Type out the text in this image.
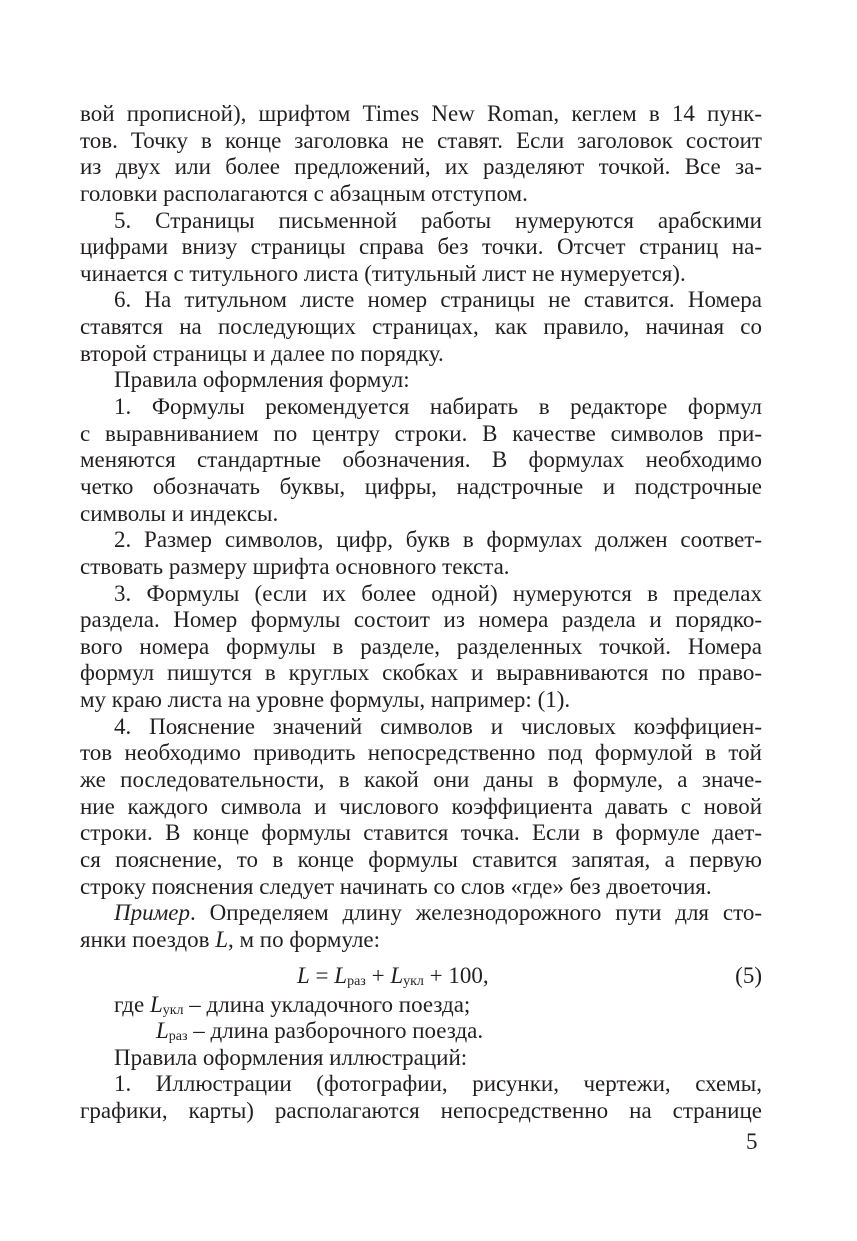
вой прописной), шрифтом Times New Roman, кеглем в 14 пунк-
тов. Точку в конце заголовка не ставят. Если заголовок состоит
из двух или более предложений, их разделяют точкой. Все за-
головки располагаются с абзацным отступом.
5. Страницы письменной работы нумеруются арабскими
цифрами внизу страницы справа без точки. Отсчет страниц на-
чинается с титульного листа (титульный лист не нумеруется).
6. На титульном листе номер страницы не ставится. Номера
ставятся на последующих страницах, как правило, начиная со
второй страницы и далее по порядку.
Правила оформления формул:
1. Формулы рекомендуется набирать в редакторе формул
с выравниванием по центру строки. В качестве символов при-
меняются стандартные обозначения. В формулах необходимо
четко обозначать буквы, цифры, надстрочные и подстрочные
символы и индексы.
2. Размер символов, цифр, букв в формулах должен соответ-
ствовать размеру шрифта основного текста.
3. Формулы (если их более одной) нумеруются в пределах
раздела. Номер формулы состоит из номера раздела и порядко-
вого номера формулы в разделе, разделенных точкой. Номера
формул пишутся в круглых скобках и выравниваются по право-
му краю листа на уровне формулы, например: (1).
4. Пояснение значений символов и числовых коэффициен-
тов необходимо приводить непосредственно под формулой в той
же последовательности, в какой они даны в формуле, а значе-
ние каждого символа и числового коэффициента давать с новой
строки. В конце формулы ставится точка. Если в формуле дает-
ся пояснение, то в конце формулы ставится запятая, а первую
строку пояснения следует начинать со слов «где» без двоеточия.
Пример. Определяем длину железнодорожного пути для сто-
янки поездов L, м по формуле:
L = Lраз + Lукл + 100,	(5)
где Lукл – длина укладочного поезда;
Lраз – длина разборочного поезда.
Правила оформления иллюстраций:
1. Иллюстрации (фотографии, рисунки, чертежи, схемы,
графики, карты) располагаются непосредственно на странице
5
